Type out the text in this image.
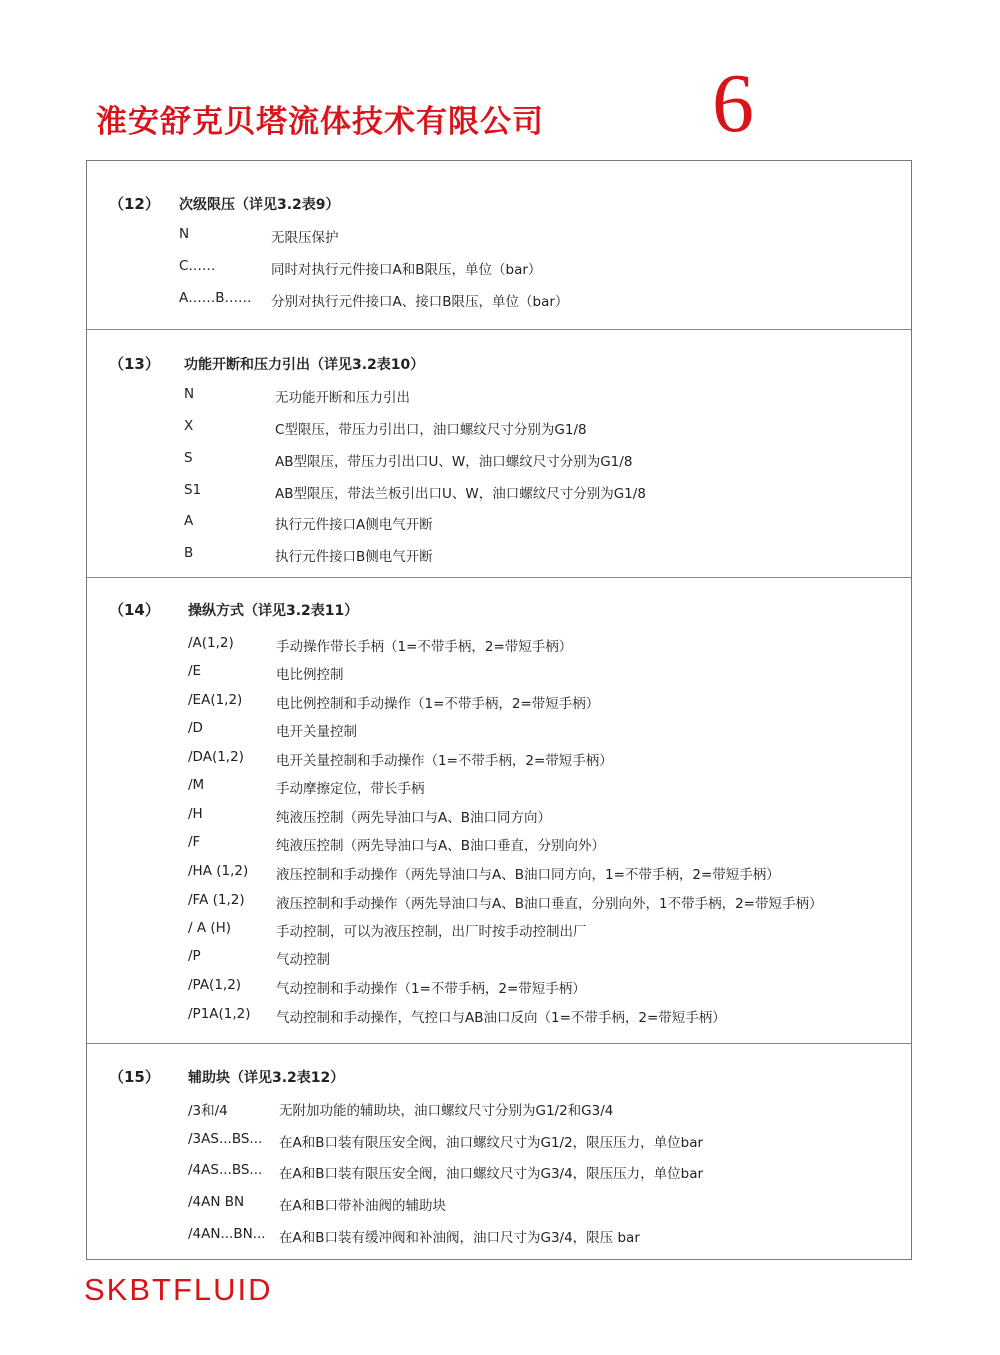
淮安舒克贝塔流体技术有限公司 6
（12） 次级限压（详见3.2表9）
N	无限压保护
C……	同时对执行元件接口A和B限压，单位（bar）
A……B…… 分别对执行元件接口A、接口B限压，单位（bar）
（13） 功能开断和压力引出（详见3.2表10）
N	无功能开断和压力引出
X	C型限压，带压力引出口，油口螺纹尺寸分别为G1/8
S	AB型限压，带压力引出口U、W，油口螺纹尺寸分别为G1/8
S1	AB型限压，带法兰板引出口U、W，油口螺纹尺寸分别为G1/8
A	执行元件接口A侧电气开断
B	执行元件接口B侧电气开断
（14） 操纵方式（详见3.2表11）
/A(1,2)	手动操作带长手柄（1=不带手柄，2=带短手柄）
/E	电比例控制
/EA(1,2) 电比例控制和手动操作（1=不带手柄，2=带短手柄）
/D	电开关量控制
/DA(1,2) 电开关量控制和手动操作（1=不带手柄，2=带短手柄）
/M	手动摩擦定位，带长手柄
/H	纯液压控制（两先导油口与A、B油口同方向）
/F	纯液压控制（两先导油口与A、B油口垂直，分别向外）
/HA (1,2) 液压控制和手动操作（两先导油口与A、B油口同方向，1=不带手柄，2=带短手柄）
/FA (1,2) 液压控制和手动操作（两先导油口与A、B油口垂直，分别向外，1不带手柄，2=带短手柄）
/ A (H)	手动控制，可以为液压控制，出厂时按手动控制出厂
/P	气动控制
/PA(1,2)	气动控制和手动操作（1=不带手柄，2=带短手柄）
/P1A(1,2) 气动控制和手动操作，气控口与AB油口反向（1=不带手柄，2=带短手柄）
（15） 辅助块（详见3.2表12）
/3和/4	无附加功能的辅助块，油口螺纹尺寸分别为G1/2和G3/4
/3AS...BS... 在A和B口装有限压安全阀，油口螺纹尺寸为G1/2，限压压力，单位bar
/4AS...BS... 在A和B口装有限压安全阀，油口螺纹尺寸为G3/4，限压压力，单位bar
/4AN BN	在A和B口带补油阀的辅助块
/4AN...BN... 在A和B口装有缓冲阀和补油阀，油口尺寸为G3/4，限压 bar
SKBTFLUID
